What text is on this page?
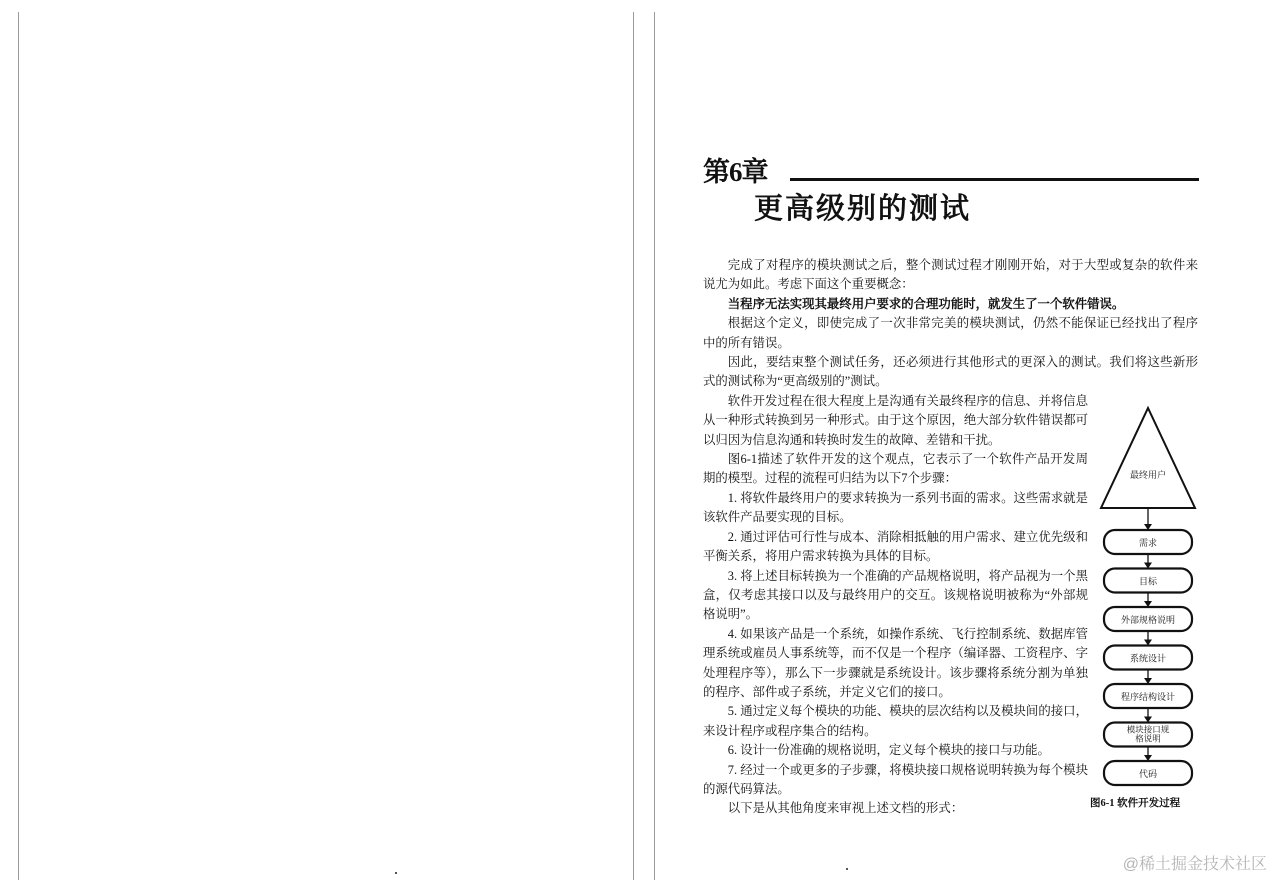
第6章
更高级别的测试

完成了对程序的模块测试之后，整个测试过程才刚刚开始，对于大型或复杂的软件来说尤为如此。考虑下面这个重要概念：

当程序无法实现其最终用户要求的合理功能时，就发生了一个软件错误。

根据这个定义，即使完成了一次非常完美的模块测试，仍然不能保证已经找出了程序中的所有错误。

因此，要结束整个测试任务，还必须进行其他形式的更深入的测试。我们将这些新形式的测试称为“更高级别的”测试。

最终用户
需求
目标
外部规格说明
系统设计
程序结构设计
模块接口规
格说明
代码
图6-1 软件开发过程

软件开发过程在很大程度上是沟通有关最终程序的信息、并将信息从一种形式转换到另一种形式。由于这个原因，绝大部分软件错误都可以归因为信息沟通和转换时发生的故障、差错和干扰。

图6-1描述了软件开发的这个观点，它表示了一个软件产品开发周期的模型。过程的流程可归结为以下7个步骤：

1. 将软件最终用户的要求转换为一系列书面的需求。这些需求就是该软件产品要实现的目标。

2. 通过评估可行性与成本、消除相抵触的用户需求、建立优先级和平衡关系，将用户需求转换为具体的目标。

3. 将上述目标转换为一个准确的产品规格说明，将产品视为一个黑盒，仅考虑其接口以及与最终用户的交互。该规格说明被称为“外部规格说明”。

4. 如果该产品是一个系统，如操作系统、飞行控制系统、数据库管理系统或雇员人事系统等，而不仅是一个程序（编译器、工资程序、字处理程序等），那么下一步骤就是系统设计。该步骤将系统分割为单独的程序、部件或子系统，并定义它们的接口。

5. 通过定义每个模块的功能、模块的层次结构以及模块间的接口，来设计程序或程序集合的结构。

6. 设计一份准确的规格说明，定义每个模块的接口与功能。

7. 经过一个或更多的子步骤，将模块接口规格说明转换为每个模块的源代码算法。

以下是从其他角度来审视上述文档的形式：

@稀土掘金技术社区
